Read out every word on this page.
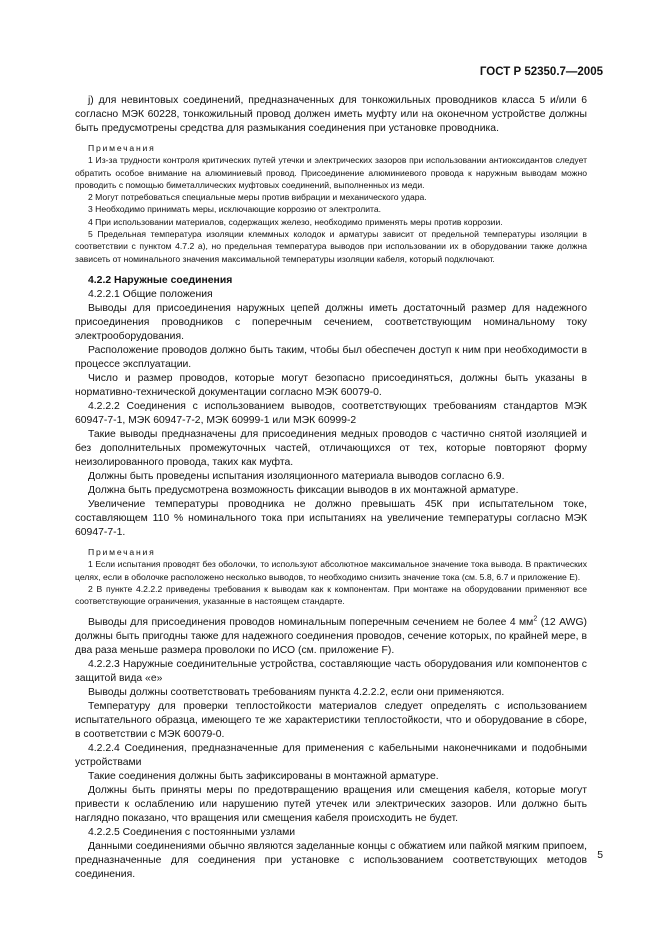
ГОСТ Р 52350.7—2005

j) для невинтовых соединений, предназначенных для тонкожильных проводников класса 5 и/или 6 согласно МЭК 60228, тонкожильный провод должен иметь муфту или на оконечном устройстве должны быть предусмотрены средства для размыкания соединения при установке проводника.

Примечания

1 Из-за трудности контроля критических путей утечки и электрических зазоров при использовании антиоксидантов следует обратить особое внимание на алюминиевый провод. Присоединение алюминиевого провода к наружным выводам можно проводить с помощью биметаллических муфтовых соединений, выполненных из меди.

2 Могут потребоваться специальные меры против вибрации и механического удара.

3 Необходимо принимать меры, исключающие коррозию от электролита.

4 При использовании материалов, содержащих железо, необходимо применять меры против коррозии.

5 Предельная температура изоляции клеммных колодок и арматуры зависит от предельной температуры изоляции в соответствии с пунктом 4.7.2 а), но предельная температура выводов при использовании их в оборудовании также должна зависеть от номинального значения максимальной температуры изоляции кабеля, который подключают.

4.2.2 Наружные соединения

4.2.2.1 Общие положения

Выводы для присоединения наружных цепей должны иметь достаточный размер для надежного присоединения проводников с поперечным сечением, соответствующим номинальному току электрооборудования.

Расположение проводов должно быть таким, чтобы был обеспечен доступ к ним при необходимости в процессе эксплуатации.

Число и размер проводов, которые могут безопасно присоединяться, должны быть указаны в нормативно-технической документации согласно МЭК 60079-0.

4.2.2.2 Соединения с использованием выводов, соответствующих требованиям стандартов МЭК 60947-7-1, МЭК 60947-7-2, МЭК 60999-1 или МЭК 60999-2

Такие выводы предназначены для присоединения медных проводов с частично снятой изоляцией и без дополнительных промежуточных частей, отличающихся от тех, которые повторяют форму неизолированного провода, таких как муфта.

Должны быть проведены испытания изоляционного материала выводов согласно 6.9.

Должна быть предусмотрена возможность фиксации выводов в их монтажной арматуре.

Увеличение температуры проводника не должно превышать 45К при испытательном токе, составляющем 110 % номинального тока при испытаниях на увеличение температуры согласно МЭК 60947-7-1.

Примечания

1 Если испытания проводят без оболочки, то используют абсолютное максимальное значение тока вывода. В практических целях, если в оболочке расположено несколько выводов, то необходимо снизить значение тока (см. 5.8, 6.7 и приложение Е).

2 В пункте 4.2.2.2 приведены требования к выводам как к компонентам. При монтаже на оборудовании применяют все соответствующие ограничения, указанные в настоящем стандарте.

Выводы для присоединения проводов номинальным поперечным сечением не более 4 $мм^2$ (12 AWG) должны быть пригодны также для надежного соединения проводов, сечение которых, по крайней мере, в два раза меньше размера проволоки по ИСО (см. приложение F).

4.2.2.3 Наружные соединительные устройства, составляющие часть оборудования или компонентов с защитой вида «е»

Выводы должны соответствовать требованиям пункта 4.2.2.2, если они применяются.

Температуру для проверки теплостойкости материалов следует определять с использованием испытательного образца, имеющего те же характеристики теплостойкости, что и оборудование в сборе, в соответствии с МЭК 60079-0.

4.2.2.4 Соединения, предназначенные для применения с кабельными наконечниками и подобными устройствами

Такие соединения должны быть зафиксированы в монтажной арматуре.

Должны быть приняты меры по предотвращению вращения или смещения кабеля, которые могут привести к ослаблению или нарушению путей утечек или электрических зазоров. Или должно быть наглядно показано, что вращения или смещения кабеля происходить не будет.

4.2.2.5 Соединения с постоянными узлами

Данными соединениями обычно являются заделанные концы с обжатием или пайкой мягким припоем, предназначенные для соединения при установке с использованием соответствующих методов соединения.

5
